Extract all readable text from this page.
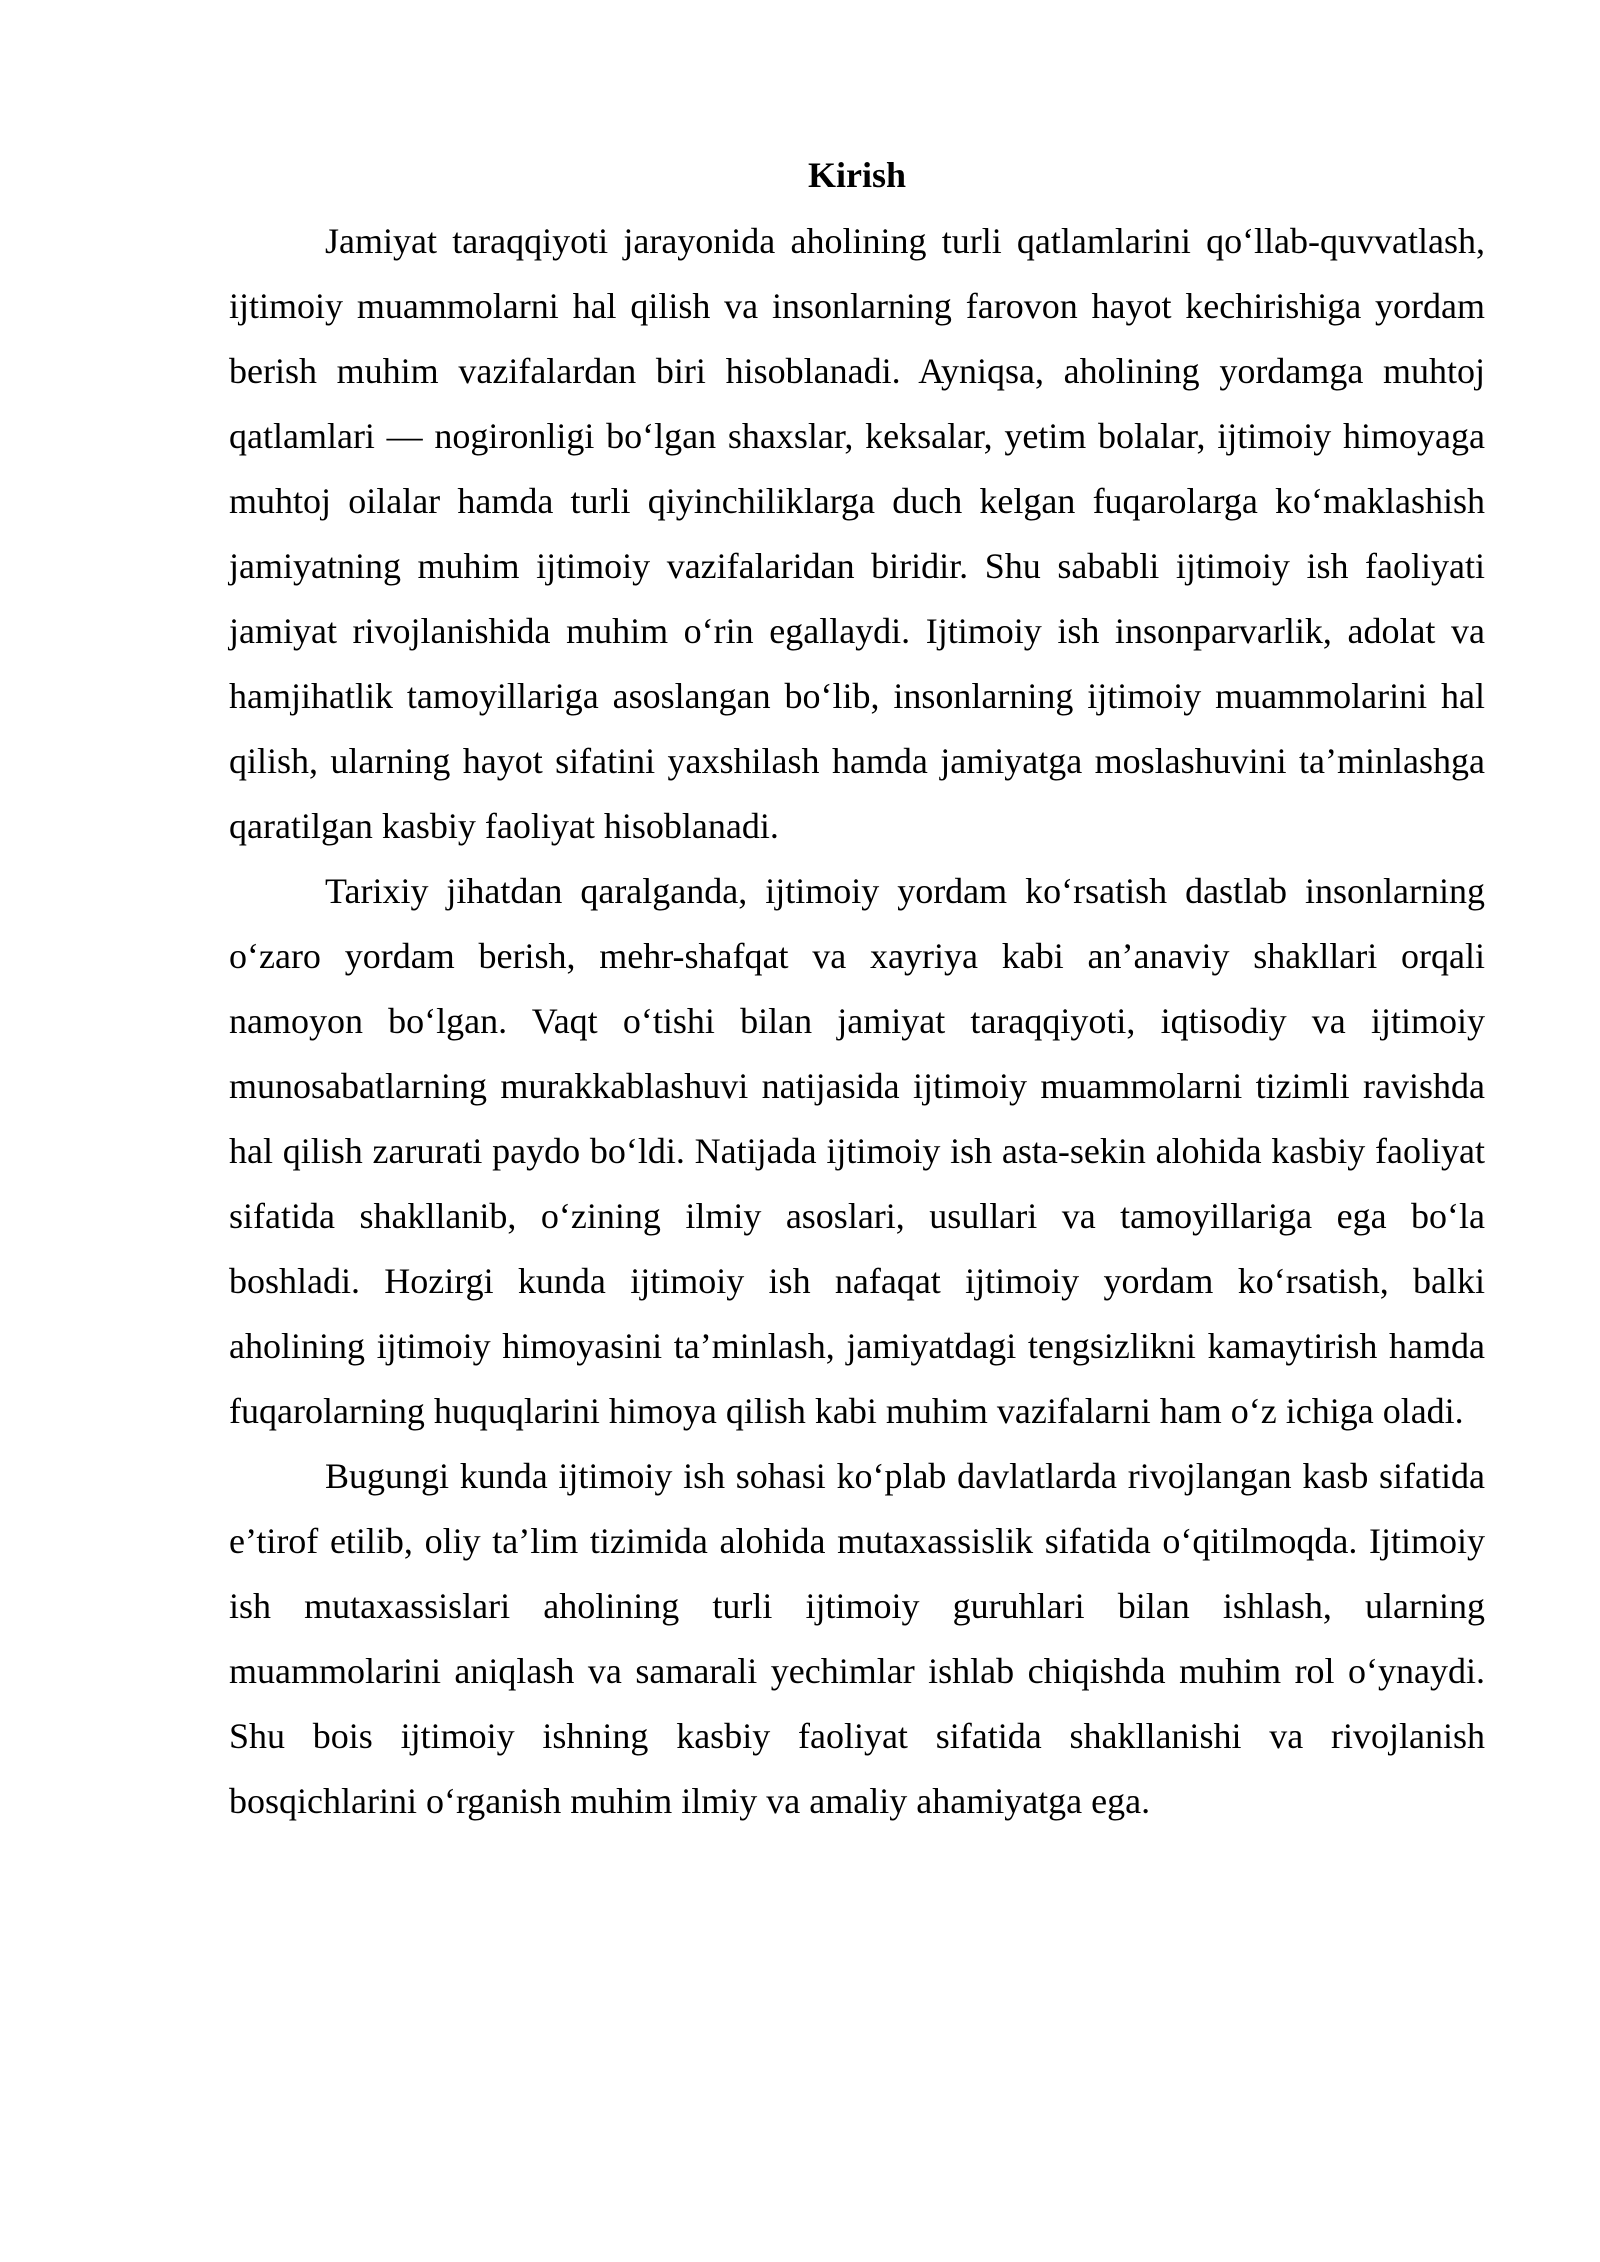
Kirish

Jamiyat taraqqiyoti jarayonida aholining turli qatlamlarini qo‘llab-quvvatlash, ijtimoiy muammolarni hal qilish va insonlarning farovon hayot kechirishiga yordam berish muhim vazifalardan biri hisoblanadi. Ayniqsa, aholining yordamga muhtoj qatlamlari — nogironligi bo‘lgan shaxslar, keksalar, yetim bolalar, ijtimoiy himoyaga muhtoj oilalar hamda turli qiyinchiliklarga duch kelgan fuqarolarga ko‘maklashish jamiyatning muhim ijtimoiy vazifalaridan biridir. Shu sababli ijtimoiy ish faoliyati jamiyat rivojlanishida muhim o‘rin egallaydi. Ijtimoiy ish insonparvarlik, adolat va hamjihatlik tamoyillariga asoslangan bo‘lib, insonlarning ijtimoiy muammolarini hal qilish, ularning hayot sifatini yaxshilash hamda jamiyatga moslashuvini ta’minlashga qaratilgan kasbiy faoliyat hisoblanadi.

Tarixiy jihatdan qaralganda, ijtimoiy yordam ko‘rsatish dastlab insonlarning o‘zaro yordam berish, mehr-shafqat va xayriya kabi an’anaviy shakllari orqali namoyon bo‘lgan. Vaqt o‘tishi bilan jamiyat taraqqiyoti, iqtisodiy va ijtimoiy munosabatlarning murakkablashuvi natijasida ijtimoiy muammolarni tizimli ravishda hal qilish zarurati paydo bo‘ldi. Natijada ijtimoiy ish asta-sekin alohida kasbiy faoliyat sifatida shakllanib, o‘zining ilmiy asoslari, usullari va tamoyillariga ega bo‘la boshladi. Hozirgi kunda ijtimoiy ish nafaqat ijtimoiy yordam ko‘rsatish, balki aholining ijtimoiy himoyasini ta’minlash, jamiyatdagi tengsizlikni kamaytirish hamda fuqarolarning huquqlarini himoya qilish kabi muhim vazifalarni ham o‘z ichiga oladi.

Bugungi kunda ijtimoiy ish sohasi ko‘plab davlatlarda rivojlangan kasb sifatida e’tirof etilib, oliy ta’lim tizimida alohida mutaxassislik sifatida o‘qitilmoqda. Ijtimoiy ish mutaxassislari aholining turli ijtimoiy guruhlari bilan ishlash, ularning muammolarini aniqlash va samarali yechimlar ishlab chiqishda muhim rol o‘ynaydi. Shu bois ijtimoiy ishning kasbiy faoliyat sifatida shakllanishi va rivojlanish bosqichlarini o‘rganish muhim ilmiy va amaliy ahamiyatga ega.
